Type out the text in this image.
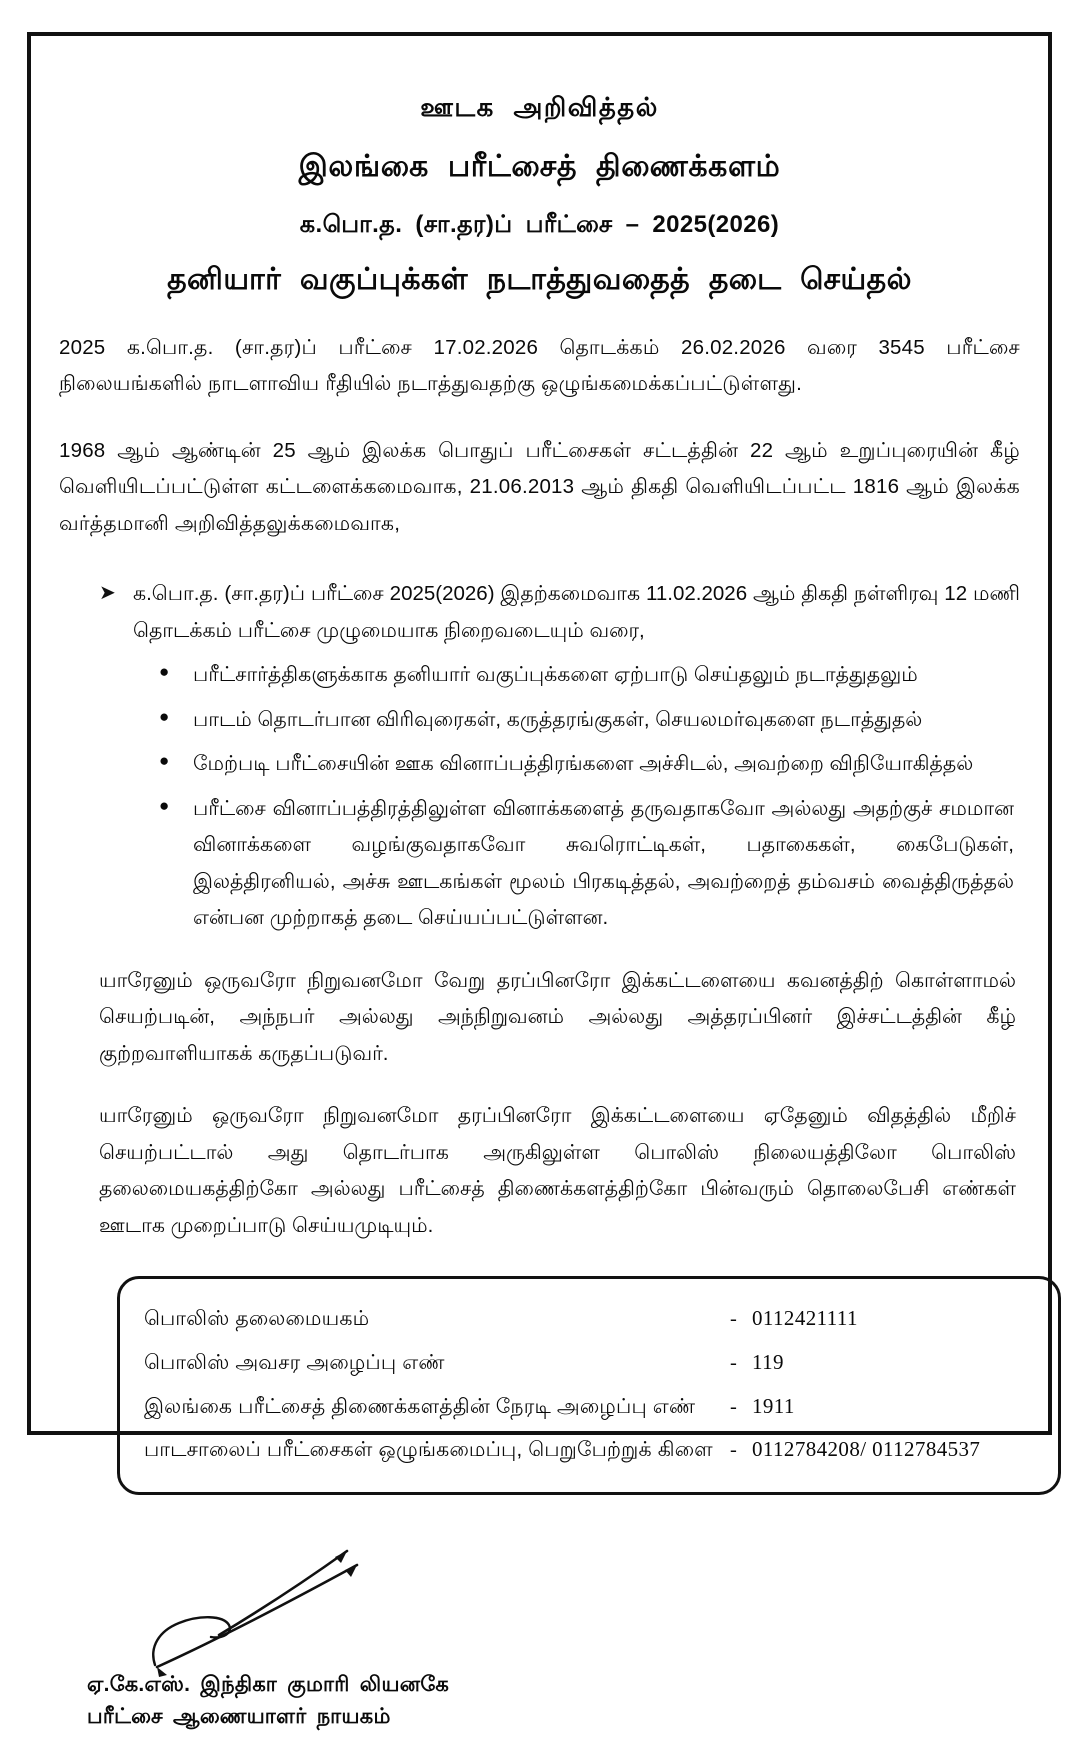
ஊடக அறிவித்தல்
இலங்கை பரீட்சைத் திணைக்களம்
க.பொ.த. (சா.தர)ப் பரீட்சை – 2025(2026)
தனியார் வகுப்புக்கள் நடாத்துவதைத் தடை செய்தல்

2025 க.பொ.த. (சா.தர)ப் பரீட்சை 17.02.2026 தொடக்கம் 26.02.2026 வரை 3545 பரீட்சை நிலையங்களில் நாடளாவிய ரீதியில் நடாத்துவதற்கு ஒழுங்கமைக்கப்பட்டுள்ளது.

1968 ஆம் ஆண்டின் 25 ஆம் இலக்க பொதுப் பரீட்சைகள் சட்டத்தின் 22 ஆம் உறுப்புரையின் கீழ் வெளியிடப்பட்டுள்ள கட்டளைக்கமைவாக, 21.06.2013 ஆம் திகதி வெளியிடப்பட்ட 1816 ஆம் இலக்க வர்த்தமானி அறிவித்தலுக்கமைவாக,

➤ க.பொ.த. (சா.தர)ப் பரீட்சை 2025(2026) இதற்கமைவாக 11.02.2026 ஆம் திகதி நள்ளிரவு 12 மணி தொடக்கம் பரீட்சை முழுமையாக நிறைவடையும் வரை,
●	பரீட்சார்த்திகளுக்காக தனியார் வகுப்புக்களை ஏற்பாடு செய்தலும் நடாத்துதலும்
●	பாடம் தொடர்பான விரிவுரைகள், கருத்தரங்குகள், செயலமர்வுகளை நடாத்துதல்
●	மேற்படி பரீட்சையின் ஊக வினாப்பத்திரங்களை அச்சிடல், அவற்றை விநியோகித்தல்
●	பரீட்சை வினாப்பத்திரத்திலுள்ள வினாக்களைத் தருவதாகவோ அல்லது அதற்குச் சமமான வினாக்களை வழங்குவதாகவோ சுவரொட்டிகள், பதாகைகள், கைபேடுகள், இலத்திரனியல், அச்சு ஊடகங்கள் மூலம் பிரகடித்தல், அவற்றைத் தம்வசம் வைத்திருத்தல் என்பன முற்றாகத் தடை செய்யப்பட்டுள்ளன.

யாரேனும் ஒருவரோ நிறுவனமோ வேறு தரப்பினரோ இக்கட்டளையை கவனத்திற் கொள்ளாமல் செயற்படின், அந்நபர் அல்லது அந்நிறுவனம் அல்லது அத்தரப்பினர் இச்சட்டத்தின் கீழ் குற்றவாளியாகக் கருதப்படுவர்.

யாரேனும் ஒருவரோ நிறுவனமோ தரப்பினரோ இக்கட்டளையை ஏதேனும் விதத்தில் மீறிச் செயற்பட்டால் அது தொடர்பாக அருகிலுள்ள பொலிஸ் நிலையத்திலோ பொலிஸ் தலைமையகத்திற்கோ அல்லது பரீட்சைத் திணைக்களத்திற்கோ பின்வரும் தொலைபேசி எண்கள் ஊடாக முறைப்பாடு செய்யமுடியும்.

பொலிஸ் தலைமையகம்	- 0112421111
பொலிஸ் அவசர அழைப்பு எண்	- 119
இலங்கை பரீட்சைத் திணைக்களத்தின் நேரடி அழைப்பு எண்	- 1911
பாடசாலைப் பரீட்சைகள் ஒழுங்கமைப்பு, பெறுபேற்றுக் கிளை - 0112784208/ 0112784537
ஏ.கே.எஸ். இந்திகா குமாரி லியனகே
பரீட்சை ஆணையாளர் நாயகம்
